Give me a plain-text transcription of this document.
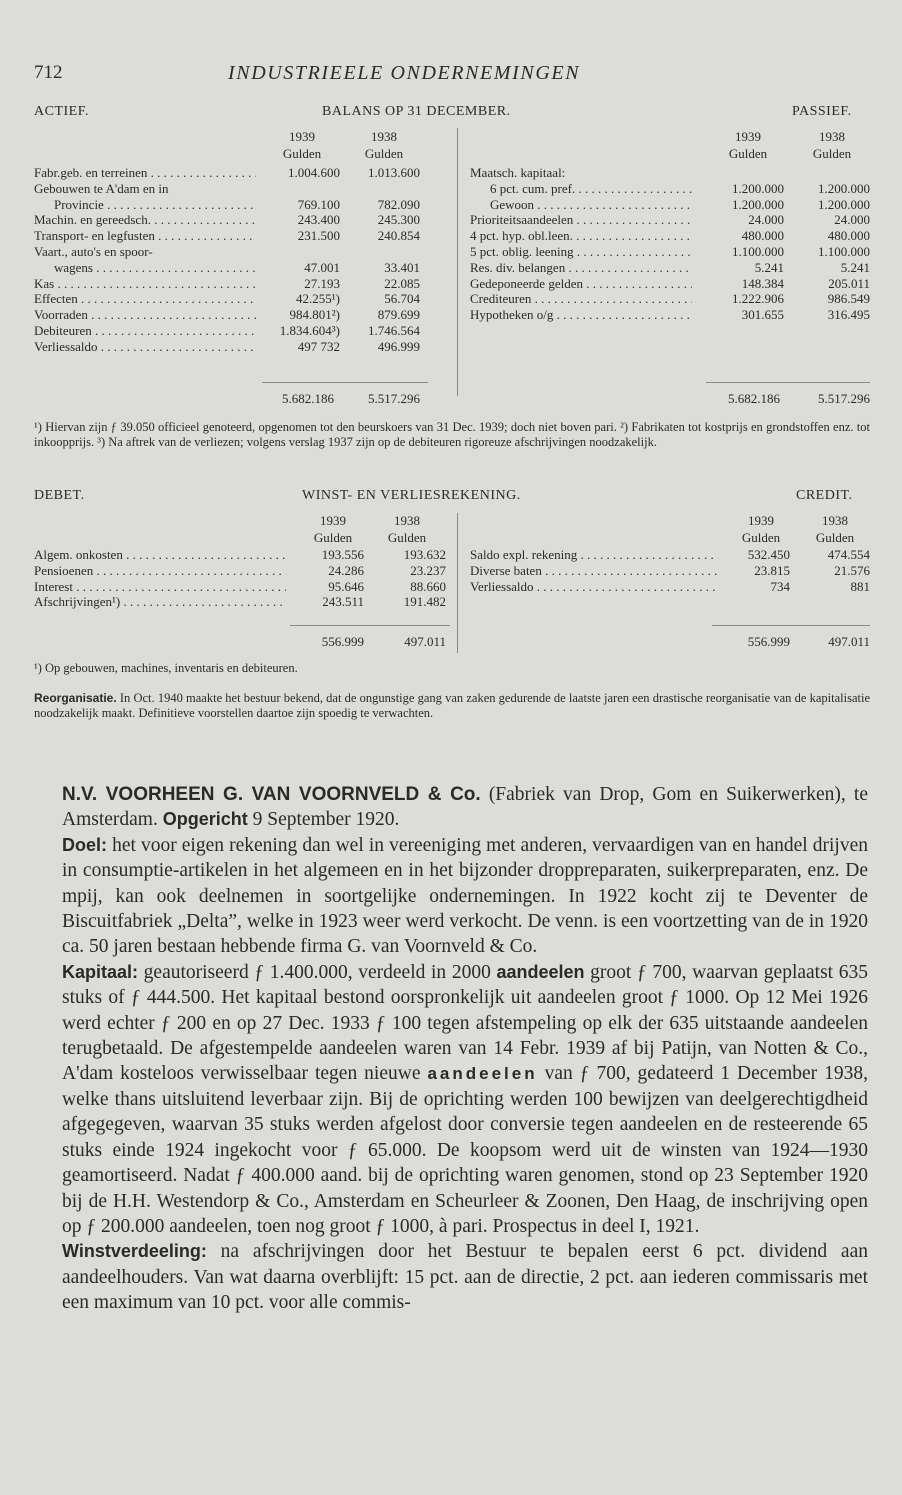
712	INDUSTRIEELE ONDERNEMINGEN
ACTIEF.	BALANS OP 31 DECEMBER.	PASSIEF.
1939	1938
Gulden	Gulden
1939	1938
Gulden	Gulden
Fabr.geb. en terreinen . . .	1.004.600	1.013.600
Gebouwen te A'dam en in
Provincie . . .	769.100	782.090
Machin. en gereedsch. . . .	243.400	245.300
Transport- en legfusten . . .	231.500	240.854
Vaart., auto's en spoor-
wagens . . .	47.001	33.401
Kas . . .	27.193	22.085
Effecten . . .	42.255¹)	56.704
Voorraden . . .	984.801²)	879.699
Debiteuren . . .	1.834.604³)	1.746.564
Verliessaldo . . .	497 732	496.999
Maatsch. kapitaal:
6 pct. cum. pref. . . .	1.200.000	1.200.000
Gewoon . . .	1.200.000	1.200.000
Prioriteitsaandeelen . . .	24.000	24.000
4 pct. hyp. obl.leen. . . .	480.000	480.000
5 pct. oblig. leening . . .	1.100.000	1.100.000
Res. div. belangen . . .	5.241	5.241
Gedeponeerde gelden . . .	148.384	205.011
Crediteuren . . .	1.222.906	986.549
Hypotheken o/g . . .	301.655	316.495
5.682.186	5.517.296	5.682.186	5.517.296

¹) Hiervan zijn ƒ 39.050 officieel genoteerd, opgenomen tot den beurskoers van 31 Dec. 1939; doch niet boven pari. ²) Fabrikaten tot kostprijs en grondstoffen enz. tot inkoopprijs. ³) Na aftrek van de verliezen; volgens verslag 1937 zijn op de debiteuren rigoreuze afschrijvingen noodzakelijk.

DEBET.	WINST- EN VERLIESREKENING.	CREDIT.
1939	1938
Gulden	Gulden
1939	1938
Gulden	Gulden
Algem. onkosten . . .	193.556	193.632
Pensioenen . . .	24.286	23.237
Interest . . .	95.646	88.660
Afschrijvingen¹) . . .	243.511	191.482
Saldo expl. rekening . . .	532.450	474.554
Diverse baten . . .	23.815	21.576
Verliessaldo . . .	734	881
556.999	497.011	556.999	497.011

¹) Op gebouwen, machines, inventaris en debiteuren.

Reorganisatie. In Oct. 1940 maakte het bestuur bekend, dat de ongunstige gang van zaken gedurende de laatste jaren een drastische reorganisatie van de kapitalisatie noodzakelijk maakt. Definitieve voorstellen daartoe zijn spoedig te verwachten.

N.V. VOORHEEN G. VAN VOORNVELD & Co. (Fabriek van Drop, Gom en Suikerwerken), te Amsterdam. Opgericht 9 September 1920.

Doel: het voor eigen rekening dan wel in vereeniging met anderen, vervaardigen van en handel drijven in consumptie-artikelen in het algemeen en in het bijzonder droppreparaten, suikerpreparaten, enz. De mpij, kan ook deelnemen in soortgelijke ondernemingen. In 1922 kocht zij te Deventer de Biscuitfabriek „Delta”, welke in 1923 weer werd verkocht. De venn. is een voortzetting van de in 1920 ca. 50 jaren bestaan hebbende firma G. van Voornveld & Co.

Kapitaal: geautoriseerd ƒ 1.400.000, verdeeld in 2000 aandeelen groot ƒ 700, waarvan geplaatst 635 stuks of ƒ 444.500. Het kapitaal bestond oorspronkelijk uit aandeelen groot ƒ 1000. Op 12 Mei 1926 werd echter ƒ 200 en op 27 Dec. 1933 ƒ 100 tegen afstempeling op elk der 635 uitstaande aandeelen terugbetaald. De afgestempelde aandeelen waren van 14 Febr. 1939 af bij Patijn, van Notten & Co., A'dam kosteloos verwisselbaar tegen nieuwe aandeelen van ƒ 700, gedateerd 1 December 1938, welke thans uitsluitend leverbaar zijn. Bij de oprichting werden 100 bewijzen van deelgerechtigdheid afgegegeven, waarvan 35 stuks werden afgelost door conversie tegen aandeelen en de resteerende 65 stuks einde 1924 ingekocht voor ƒ 65.000. De koopsom werd uit de winsten van 1924—1930 geamortiseerd. Nadat ƒ 400.000 aand. bij de oprichting waren genomen, stond op 23 September 1920 bij de H.H. Westendorp & Co., Amsterdam en Scheurleer & Zoonen, Den Haag, de inschrijving open op ƒ 200.000 aandeelen, toen nog groot ƒ 1000, à pari. Prospectus in deel I, 1921.

Winstverdeeling: na afschrijvingen door het Bestuur te bepalen eerst 6 pct. dividend aan aandeelhouders. Van wat daarna overblijft: 15 pct. aan de directie, 2 pct. aan iederen commissaris met een maximum van 10 pct. voor alle commis-
